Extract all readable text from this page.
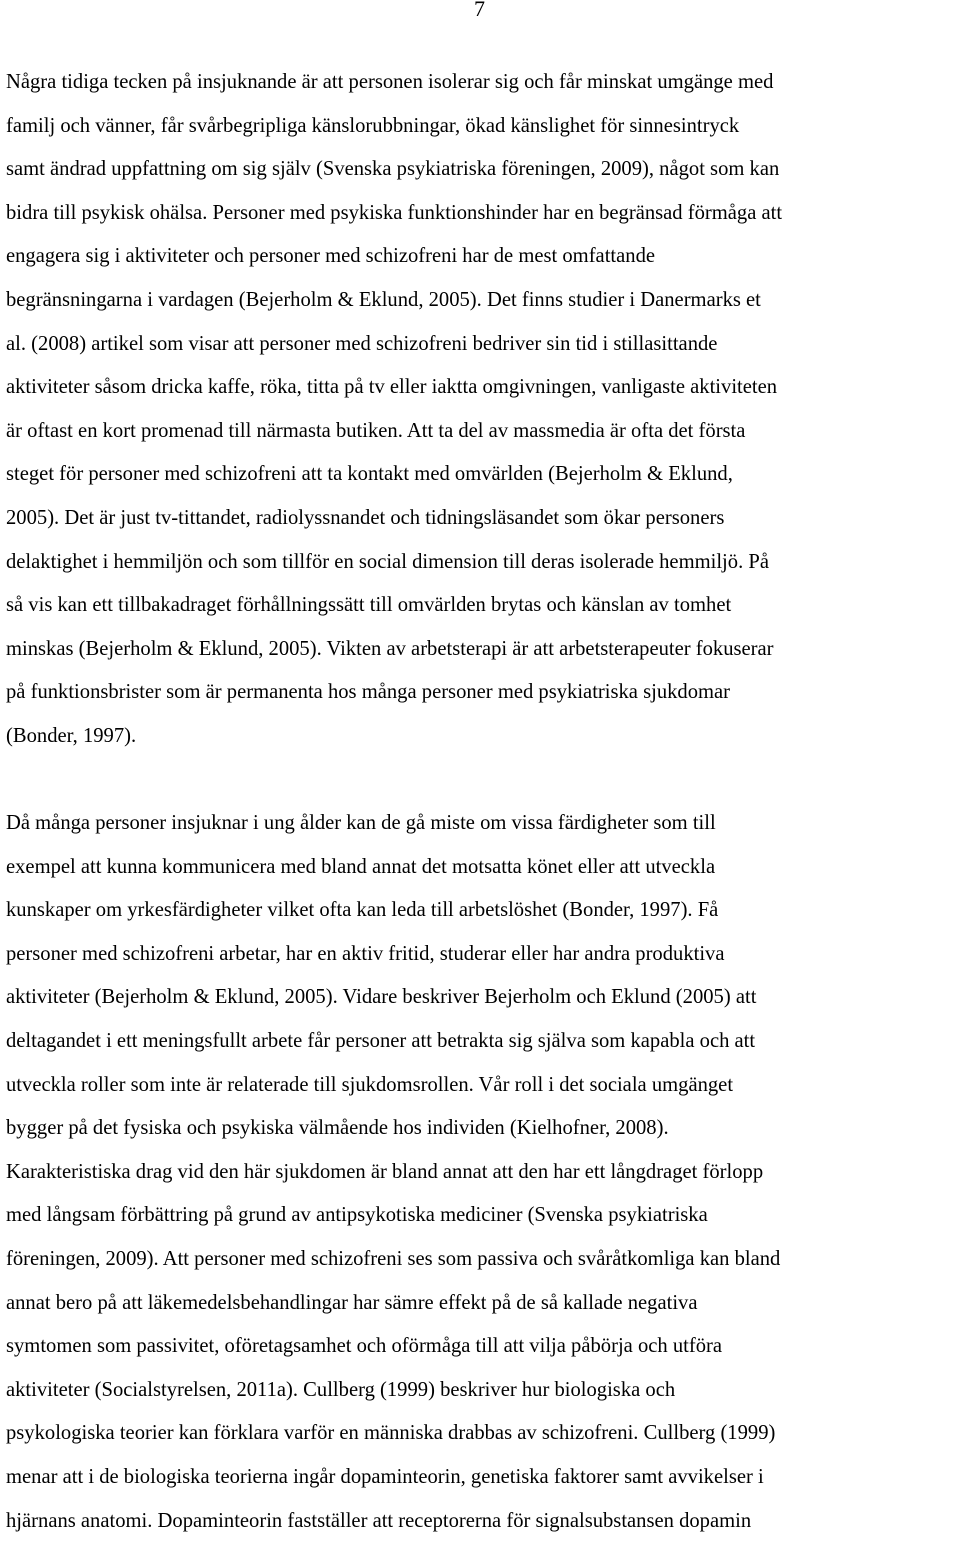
7
Några tidiga tecken på insjuknande är att personen isolerar sig och får minskat umgänge med
familj och vänner, får svårbegripliga känslorubbningar, ökad känslighet för sinnesintryck
samt ändrad uppfattning om sig själv (Svenska psykiatriska föreningen, 2009), något som kan
bidra till psykisk ohälsa. Personer med psykiska funktionshinder har en begränsad förmåga att
engagera sig i aktiviteter och personer med schizofreni har de mest omfattande
begränsningarna i vardagen (Bejerholm & Eklund, 2005). Det finns studier i Danermarks et
al. (2008) artikel som visar att personer med schizofreni bedriver sin tid i stillasittande
aktiviteter såsom dricka kaffe, röka, titta på tv eller iaktta omgivningen, vanligaste aktiviteten
är oftast en kort promenad till närmasta butiken. Att ta del av massmedia är ofta det första
steget för personer med schizofreni att ta kontakt med omvärlden (Bejerholm & Eklund,
2005). Det är just tv-tittandet, radiolyssnandet och tidningsläsandet som ökar personers
delaktighet i hemmiljön och som tillför en social dimension till deras isolerade hemmiljö. På
så vis kan ett tillbakadraget förhållningssätt till omvärlden brytas och känslan av tomhet
minskas (Bejerholm & Eklund, 2005). Vikten av arbetsterapi är att arbetsterapeuter fokuserar
på funktionsbrister som är permanenta hos många personer med psykiatriska sjukdomar
(Bonder, 1997).
Då många personer insjuknar i ung ålder kan de gå miste om vissa färdigheter som till
exempel att kunna kommunicera med bland annat det motsatta könet eller att utveckla
kunskaper om yrkesfärdigheter vilket ofta kan leda till arbetslöshet (Bonder, 1997). Få
personer med schizofreni arbetar, har en aktiv fritid, studerar eller har andra produktiva
aktiviteter (Bejerholm & Eklund, 2005). Vidare beskriver Bejerholm och Eklund (2005) att
deltagandet i ett meningsfullt arbete får personer att betrakta sig själva som kapabla och att
utveckla roller som inte är relaterade till sjukdomsrollen. Vår roll i det sociala umgänget
bygger på det fysiska och psykiska välmående hos individen (Kielhofner, 2008).
Karakteristiska drag vid den här sjukdomen är bland annat att den har ett långdraget förlopp
med långsam förbättring på grund av antipsykotiska mediciner (Svenska psykiatriska
föreningen, 2009). Att personer med schizofreni ses som passiva och svåråtkomliga kan bland
annat bero på att läkemedelsbehandlingar har sämre effekt på de så kallade negativa
symtomen som passivitet, oföretagsamhet och oförmåga till att vilja påbörja och utföra
aktiviteter (Socialstyrelsen, 2011a). Cullberg (1999) beskriver hur biologiska och
psykologiska teorier kan förklara varför en människa drabbas av schizofreni. Cullberg (1999)
menar att i de biologiska teorierna ingår dopaminteorin, genetiska faktorer samt avvikelser i
hjärnans anatomi. Dopaminteorin fastställer att receptorerna för signalsubstansen dopamin
